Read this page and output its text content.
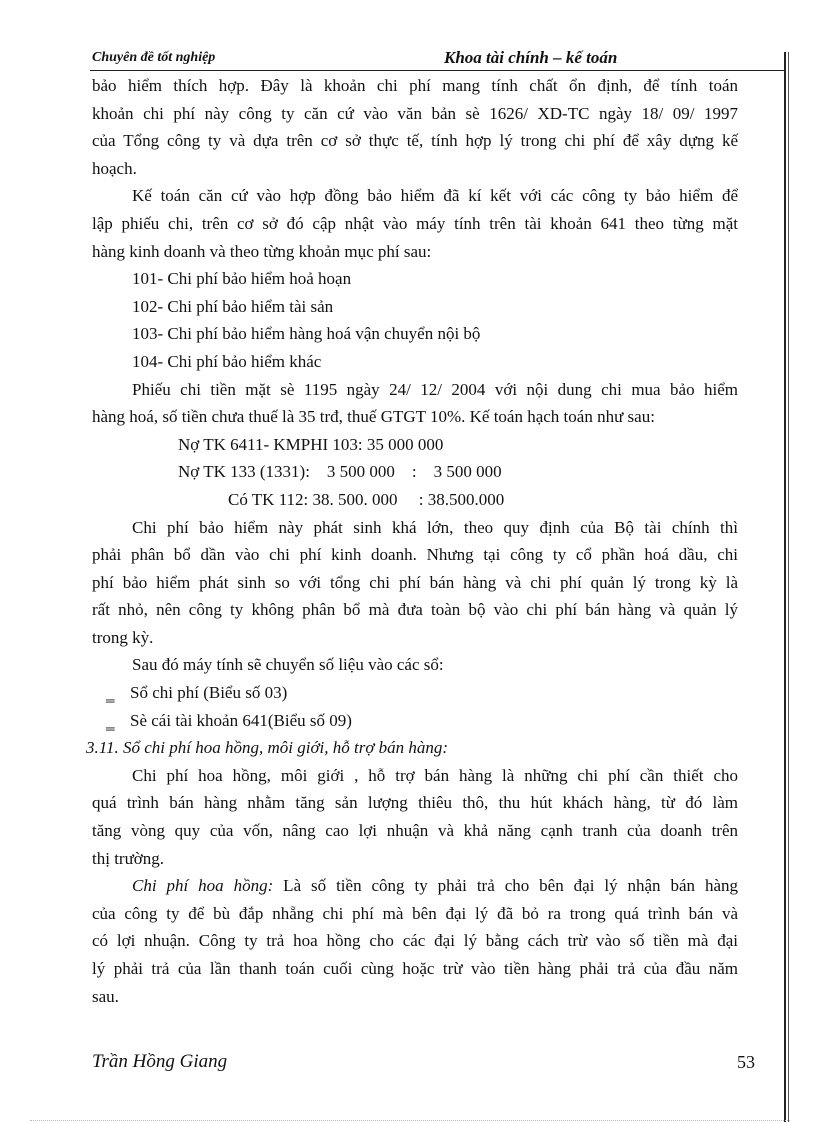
Chuyên đề tốt nghiệp	Khoa tài chính – kế toán
bảo hiểm thích hợp. Đây là khoản chi phí mang tính chất ổn định, để tính toán
khoản chi phí này công ty căn cứ vào văn bản sè 1626/ XD-TC ngày 18/ 09/ 1997
của Tổng công ty và dựa trên cơ sở thực tế, tính hợp lý trong chi phí để xây dựng kế
hoạch.
Kế toán căn cứ vào hợp đồng bảo hiểm đã kí kết với các công ty bảo hiểm để
lập phiếu chi, trên cơ sở đó cập nhật vào máy tính trên tài khoản 641 theo từng mặt
hàng kinh doanh và theo từng khoản mục phí sau:
101- Chi phí bảo hiểm hoả hoạn
102- Chi phí bảo hiểm tài sản
103- Chi phí bảo hiểm hàng hoá vận chuyển nội bộ
104- Chi phí bảo hiểm khác
Phiếu chi tiền mặt sè 1195 ngày 24/ 12/ 2004 với nội dung chi mua bảo hiểm
hàng hoá, số tiền chưa thuế là 35 trđ, thuế GTGT 10%. Kế toán hạch toán như sau:
Nợ TK 6411- KMPHI 103: 35 000 000
Nợ TK 133 (1331):    3 500 000    :    3 500 000
Có TK 112: 38. 500. 000     : 38.500.000
Chi phí bảo hiểm này phát sinh khá lớn, theo quy định của Bộ tài chính thì
phải phân bổ dần vào chi phí kinh doanh. Nhưng tại công ty cổ phần hoá dầu, chi
phí bảo hiểm phát sinh so với tổng chi phí bán hàng và chi phí quản lý trong kỳ là
rất nhỏ, nên công ty không phân bổ mà đưa toàn bộ vào chi phí bán hàng và quản lý
trong kỳ.
Sau đó máy tính sẽ chuyển số liệu vào các sổ:
‗ Sổ chi phí (Biểu số 03)
‗ Sè cái tài khoản 641(Biểu số 09)
3.11. Sổ chi phí hoa hồng, môi giới, hỗ trợ bán hàng:
Chi phí hoa hồng, môi giới , hỗ trợ bán hàng là những chi phí cần thiết cho
quá trình bán hàng nhằm tăng sản lượng thiêu thô, thu hút khách hàng, từ đó làm
tăng vòng quy của vốn, nâng cao lợi nhuận và khả năng cạnh tranh của doanh trên
thị trường.
Chi phí hoa hồng: Là số tiền công ty phải trả cho bên đại lý nhận bán hàng
của công ty để bù đắp nhẵng chi phí mà bên đại lý đã bỏ ra trong quá trình bán và
có lợi nhuận. Công ty trả hoa hồng cho các đại lý bằng cách trừ vào số tiền mà đại
lý phải trả của lần thanh toán cuối cùng hoặc trừ vào tiền hàng phải trả của đầu năm
sau.
Trần Hồng Giang	53
